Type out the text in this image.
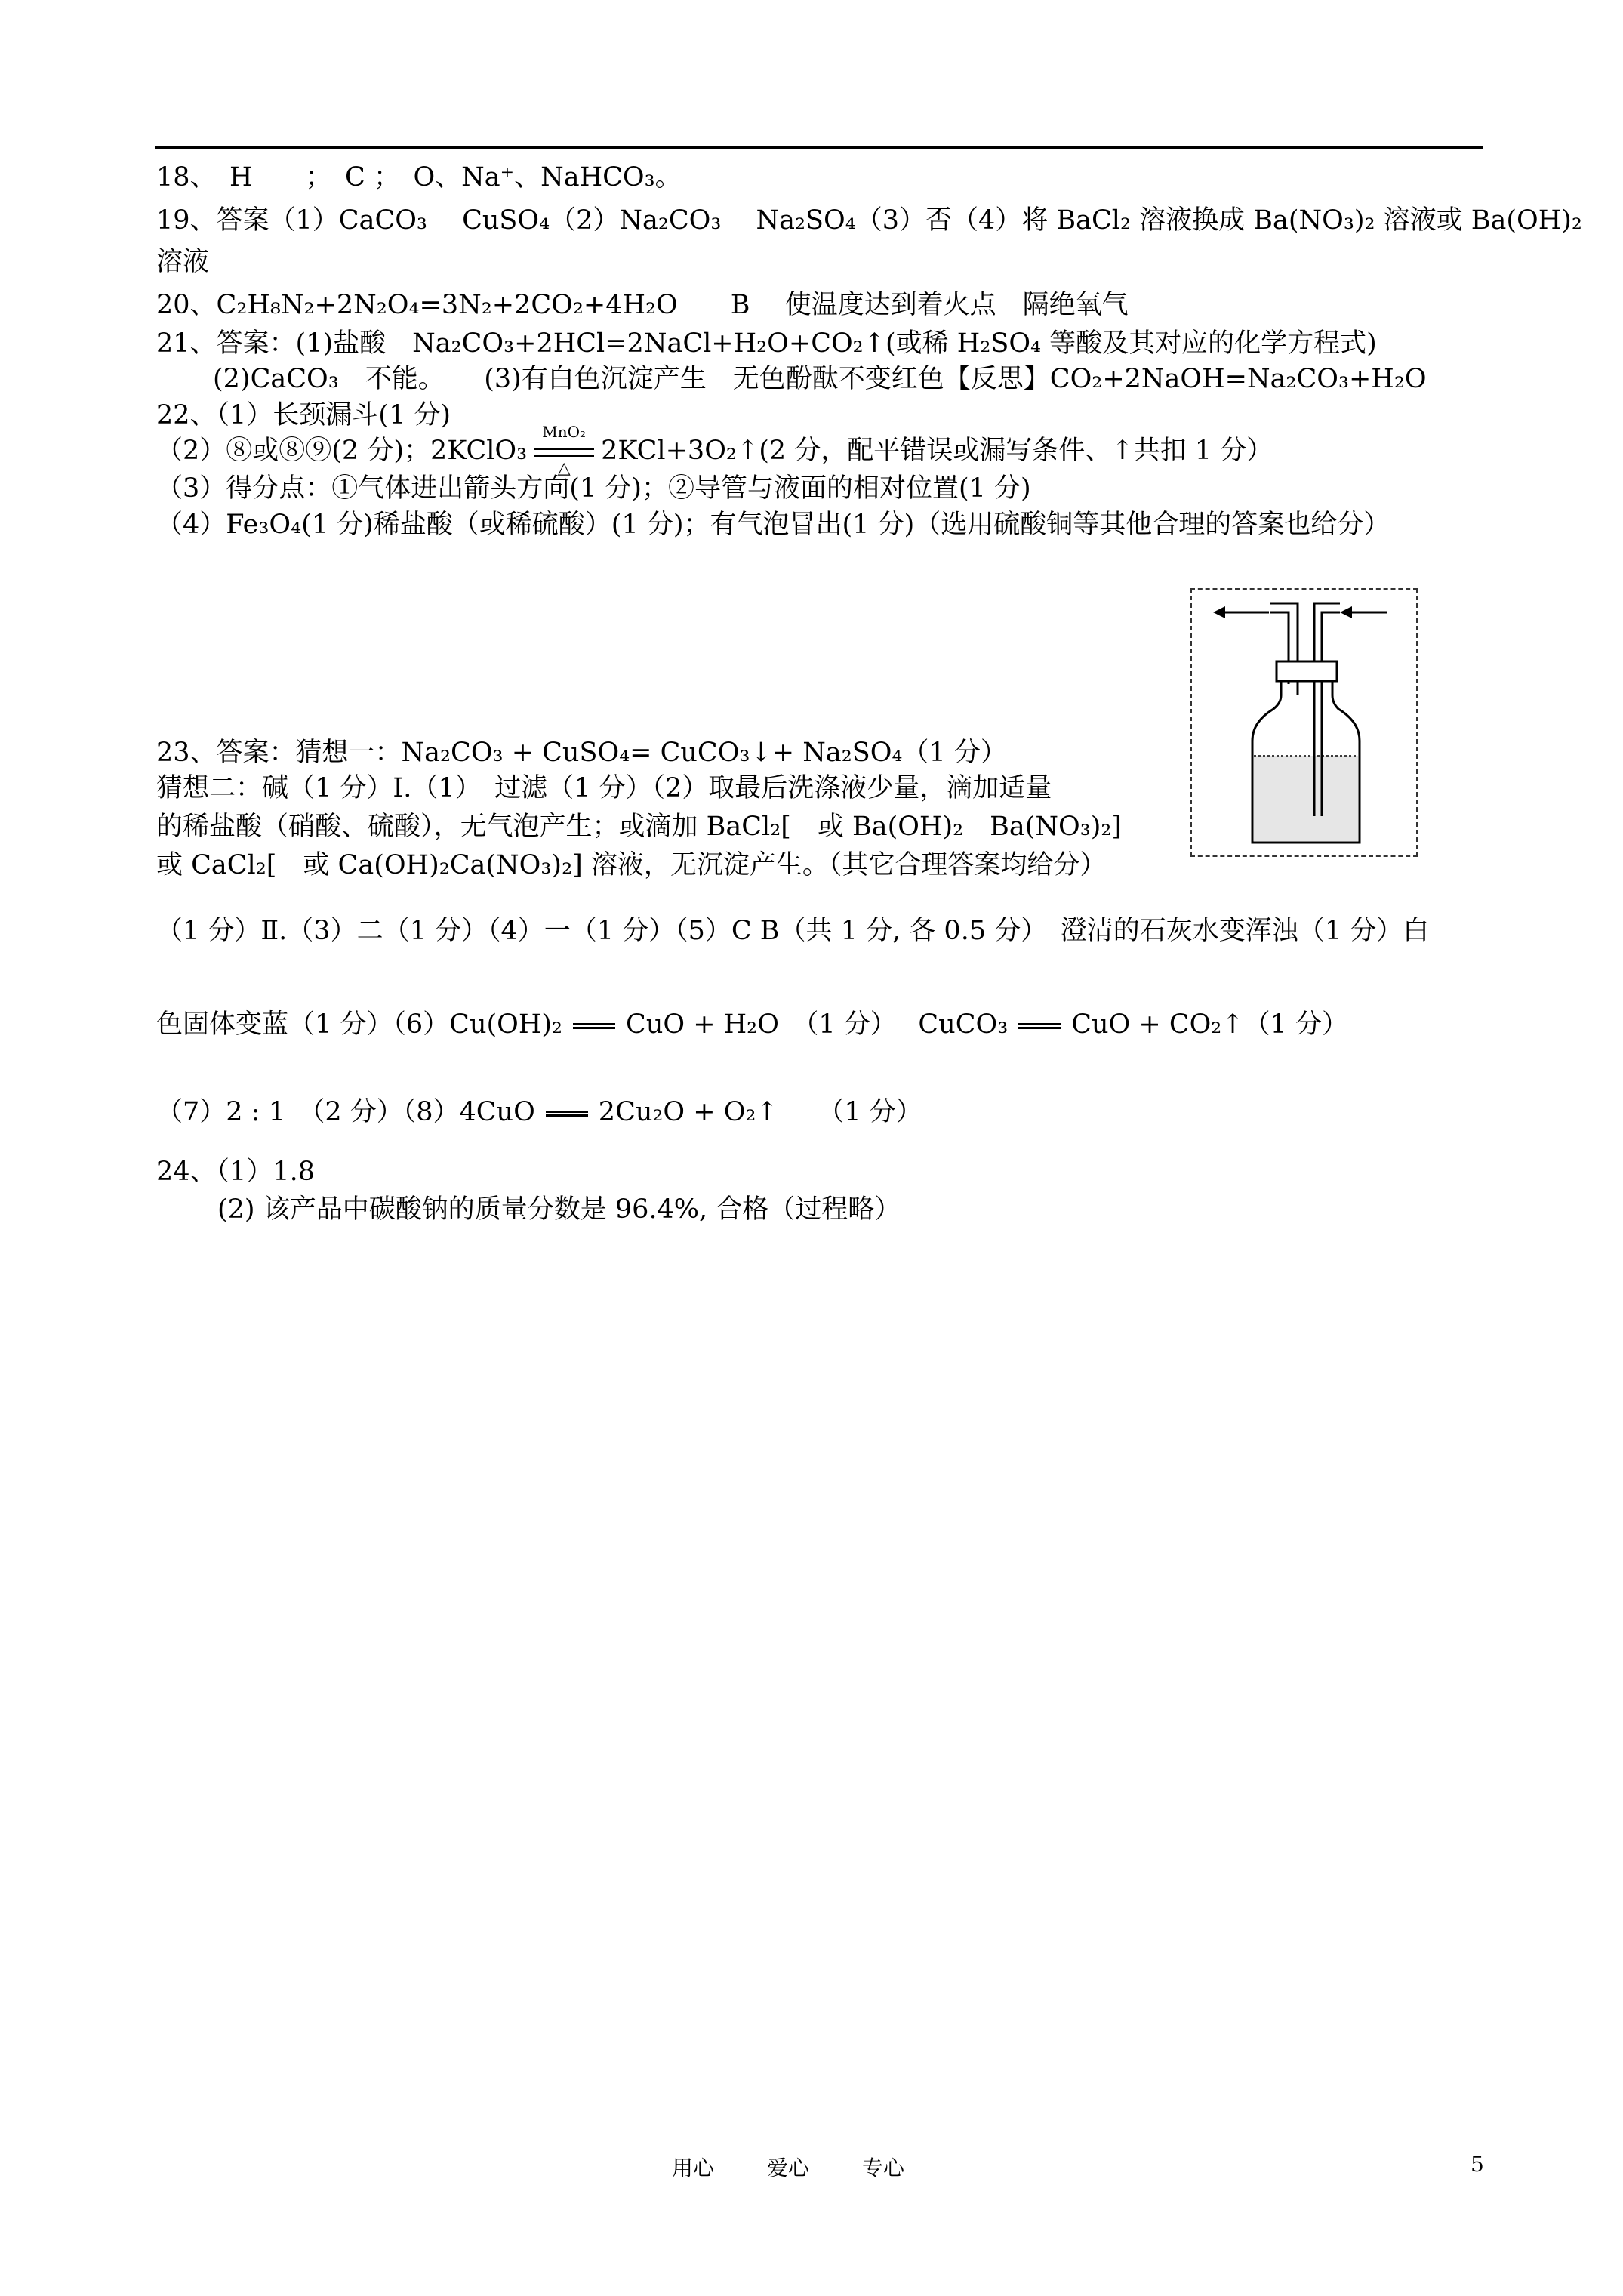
18、　H　　；　C ；　O、Na⁺、NaHCO₃。
19、答案（1）CaCO₃　 CuSO₄（2）Na₂CO₃　 Na₂SO₄（3）否（4）将 BaCl₂ 溶液换成 Ba(NO₃)₂ 溶液或 Ba(OH)₂
溶液
20、C₂H₈N₂+2N₂O₄=3N₂+2CO₂+4H₂O　　B　 使温度达到着火点　隔绝氧气
21、答案：(1)盐酸　Na₂CO₃+2HCl=2NaCl+H₂O+CO₂↑(或稀 H₂SO₄ 等酸及其对应的化学方程式)
(2)CaCO₃　不能。　　(3)有白色沉淀产生　无色酚酞不变红色【反思】CO₂+2NaOH=Na₂CO₃+H₂O
22、（1）长颈漏斗(1 分)
（2）⑧或⑧⑨(2 分)；2KClO₃
MnO₂
△
2KCl+3O₂↑(2 分，配平错误或漏写条件、↑共扣 1 分）
（3）得分点：①气体进出箭头方向(1 分)；②导管与液面的相对位置(1 分)
（4）Fe₃O₄(1 分)稀盐酸（或稀硫酸）(1 分)；有气泡冒出(1 分)（选用硫酸铜等其他合理的答案也给分）
23、答案：猜想一：Na₂CO₃ + CuSO₄= CuCO₃↓+ Na₂SO₄（1 分）
猜想二：碱（1 分）Ⅰ.（1）　过滤（1 分）（2）取最后洗涤液少量，滴加适量
的稀盐酸（硝酸、硫酸），无气泡产生；或滴加 BaCl₂[　或 Ba(OH)₂　Ba(NO₃)₂]
或 CaCl₂[　或 Ca(OH)₂Ca(NO₃)₂] 溶液，无沉淀产生。（其它合理答案均给分）
（1 分）Ⅱ.（3）二（1 分）（4）一（1 分）（5）C B（共 1 分, 各 0.5 分）　澄清的石灰水变浑浊（1 分）白
色固体变蓝（1 分）（6）Cu(OH)₂ CuO + H₂O　（1 分）　 CuCO₃ CuO + CO₂↑（1 分）
（7）2 : 1　（2 分）（8）4CuO 2Cu₂O + O₂↑　　（1 分）
24、（1）1.8
(2) 该产品中碳酸钠的质量分数是 96.4%, 合格（过程略）
用心	爱心	专心	5
